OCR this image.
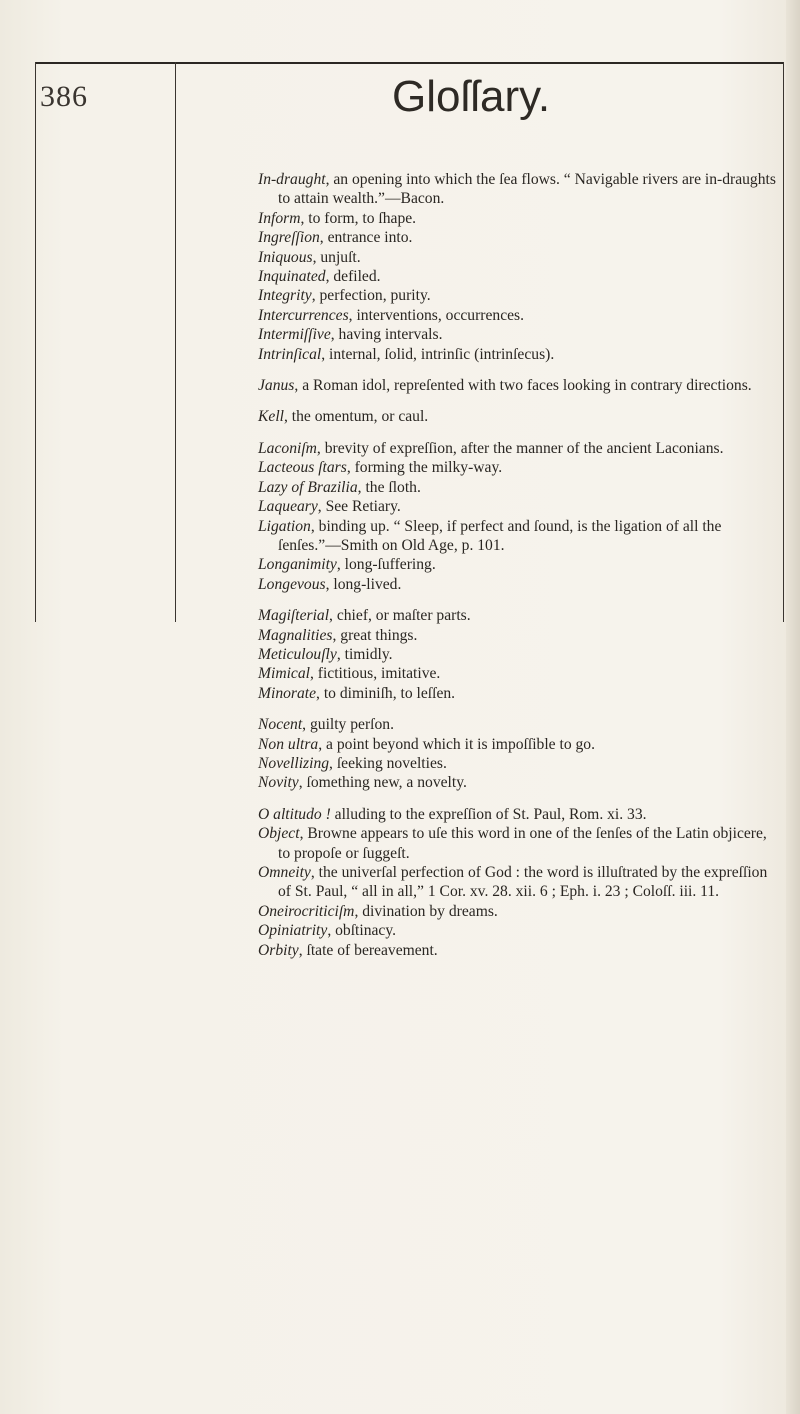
386	Gloſſary.

In-draught, an opening into which the ſea flows. “ Navigable rivers are in-draughts to attain wealth.”—Bacon.

Inform, to form, to ſhape.

Ingreſſion, entrance into.

Iniquous, unjuſt.

Inquinated, defiled.

Integrity, perfection, purity.

Intercurrences, interventions, occurrences.

Intermiſſive, having intervals.

Intrinſical, internal, ſolid, intrinſic (intrinſecus).

Janus, a Roman idol, repreſented with two faces looking in contrary directions.

Kell, the omentum, or caul.

Laconiſm, brevity of expreſſion, after the manner of the ancient Laconians.

Lacteous ſtars, forming the milky-way.

Lazy of Brazilia, the ſloth.

Laqueary, See Retiary.

Ligation, binding up. “ Sleep, if perfect and ſound, is the ligation of all the ſenſes.”—Smith on Old Age, p. 101.

Longanimity, long-ſuffering.

Longevous, long-lived.

Magiſterial, chief, or maſter parts.

Magnalities, great things.

Meticulouſly, timidly.

Mimical, fictitious, imitative.

Minorate, to diminiſh, to leſſen.

Nocent, guilty perſon.

Non ultra, a point beyond which it is impoſſible to go.

Novellizing, ſeeking novelties.

Novity, ſomething new, a novelty.

O altitudo ! alluding to the expreſſion of St. Paul, Rom. xi. 33.

Object, Browne appears to uſe this word in one of the ſenſes of the Latin objicere, to propoſe or ſuggeſt.

Omneity, the univerſal perfection of God : the word is illuſtrated by the expreſſion of St. Paul, “ all in all,” 1 Cor. xv. 28. xii. 6 ; Eph. i. 23 ; Coloſſ. iii. 11.

Oneirocriticiſm, divination by dreams.

Opiniatrity, obſtinacy.

Orbity, ſtate of bereavement.
